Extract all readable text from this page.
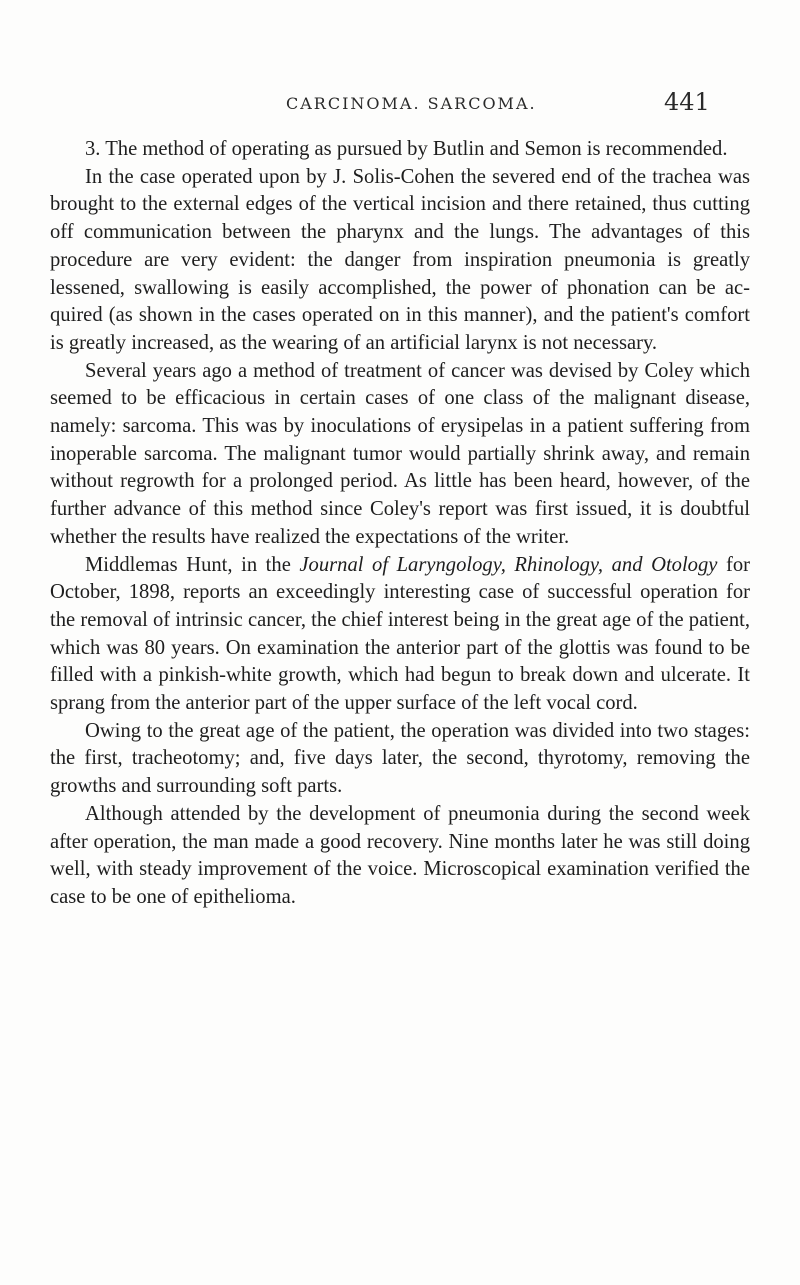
CARCINOMA. SARCOMA.	441

3. The method of operating as pursued by Butlin and Semon is recommended.

In the case operated upon by J. Solis-Cohen the severed end of the trachea was brought to the external edges of the vertical incision and there retained, thus cutting off communication between the pharynx and the lungs. The advantages of this procedure are very evident: the danger from inspiration pneumonia is greatly lessened, swallowing is easily accomplished, the power of phonation can be acquired (as shown in the cases operated on in this manner), and the patient's comfort is greatly increased, as the wearing of an artificial larynx is not necessary.

Several years ago a method of treatment of cancer was devised by Coley which seemed to be efficacious in certain cases of one class of the malignant disease, namely: sarcoma. This was by inoculations of erysipelas in a patient suffering from inoperable sarcoma. The malignant tumor would partially shrink away, and remain without regrowth for a prolonged period. As little has been heard, however, of the further advance of this method since Coley's report was first issued, it is doubtful whether the results have realized the expectations of the writer.

Middlemas Hunt, in the Journal of Laryngology, Rhinology, and Otology for October, 1898, reports an exceedingly interesting case of successful operation for the removal of intrinsic cancer, the chief interest being in the great age of the patient, which was 80 years. On examination the anterior part of the glottis was found to be filled with a pinkish-white growth, which had begun to break down and ulcerate. It sprang from the anterior part of the upper surface of the left vocal cord.

Owing to the great age of the patient, the operation was divided into two stages: the first, tracheotomy; and, five days later, the second, thyrotomy, removing the growths and surrounding soft parts.

Although attended by the development of pneumonia during the second week after operation, the man made a good recovery. Nine months later he was still doing well, with steady improvement of the voice. Microscopical examination verified the case to be one of epithelioma.
